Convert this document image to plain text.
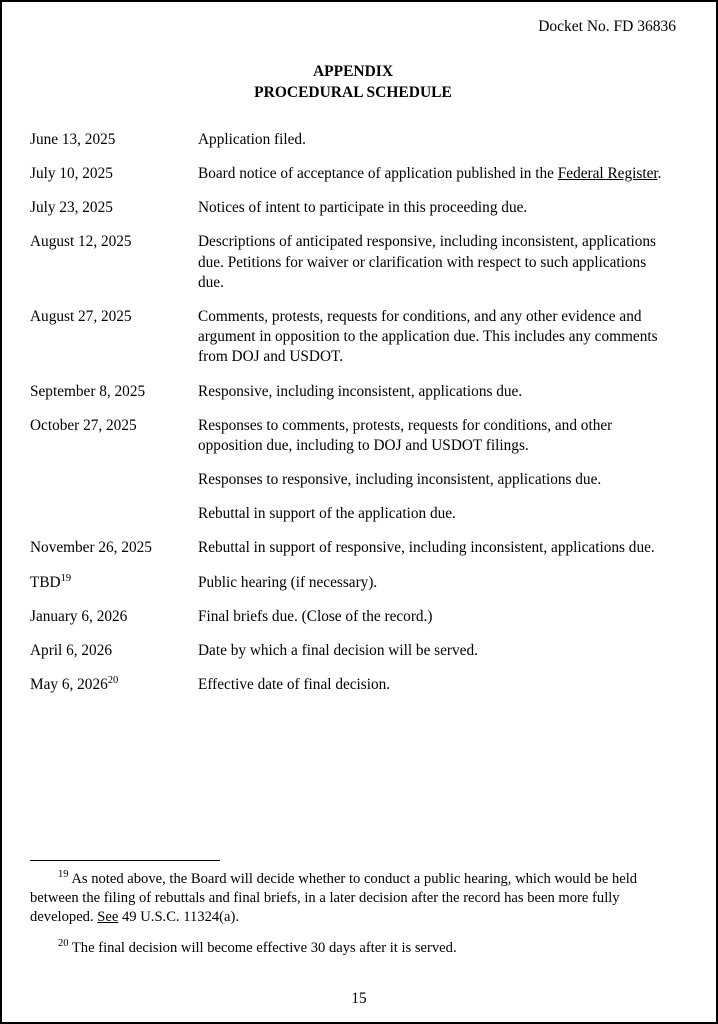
Docket No. FD 36836
APPENDIX
PROCEDURAL SCHEDULE
June 13, 2025	Application filed.

July 10, 2025	Board notice of acceptance of application published in the Federal Register.

July 23, 2025	Notices of intent to participate in this proceeding due.

August 12, 2025	Descriptions of anticipated responsive, including inconsistent, applications due. Petitions for waiver or clarification with respect to such applications due.

August 27, 2025	Comments, protests, requests for conditions, and any other evidence and argument in opposition to the application due. This includes any comments from DOJ and USDOT.

September 8, 2025	Responsive, including inconsistent, applications due.

October 27, 2025	Responses to comments, protests, requests for conditions, and other opposition due, including to DOJ and USDOT filings.

Responses to responsive, including inconsistent, applications due.

Rebuttal in support of the application due.

November 26, 2025	Rebuttal in support of responsive, including inconsistent, applications due.

TBD$^{19}$	Public hearing (if necessary).

January 6, 2026	Final briefs due. (Close of the record.)

April 6, 2026	Date by which a final decision will be served.

May 6, 2026$^{20}$	Effective date of final decision.

$^{19}$ As noted above, the Board will decide whether to conduct a public hearing, which would be held between the filing of rebuttals and final briefs, in a later decision after the record has been more fully developed. See 49 U.S.C. 11324(a).

$^{20}$ The final decision will become effective 30 days after it is served.

15
